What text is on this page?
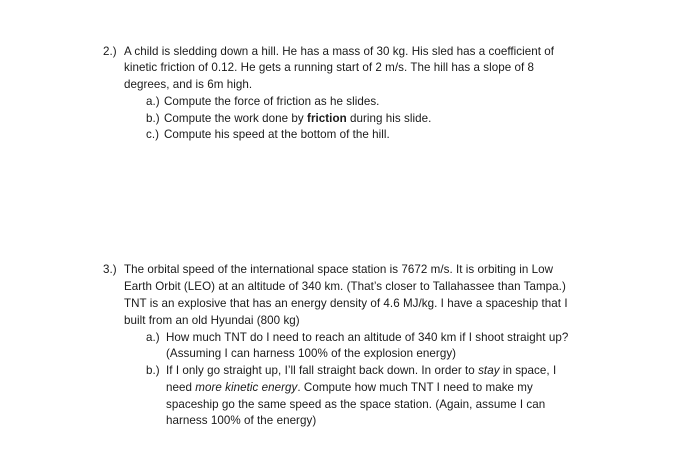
2.) A child is sledding down a hill. He has a mass of 30 kg. His sled has a coefficient of
kinetic friction of 0.12. He gets a running start of 2 m/s. The hill has a slope of 8
degrees, and is 6m high.
a.) Compute the force of friction as he slides.
b.) Compute the work done by friction during his slide.
c.) Compute his speed at the bottom of the hill.
3.) The orbital speed of the international space station is 7672 m/s. It is orbiting in Low
Earth Orbit (LEO) at an altitude of 340 km. (That’s closer to Tallahassee than Tampa.)
TNT is an explosive that has an energy density of 4.6 MJ/kg. I have a spaceship that I
built from an old Hyundai (800 kg)
a.) How much TNT do I need to reach an altitude of 340 km if I shoot straight up?
(Assuming I can harness 100% of the explosion energy)
b.) If I only go straight up, I’ll fall straight back down. In order to stay in space, I
need more kinetic energy. Compute how much TNT I need to make my
spaceship go the same speed as the space station. (Again, assume I can
harness 100% of the energy)
